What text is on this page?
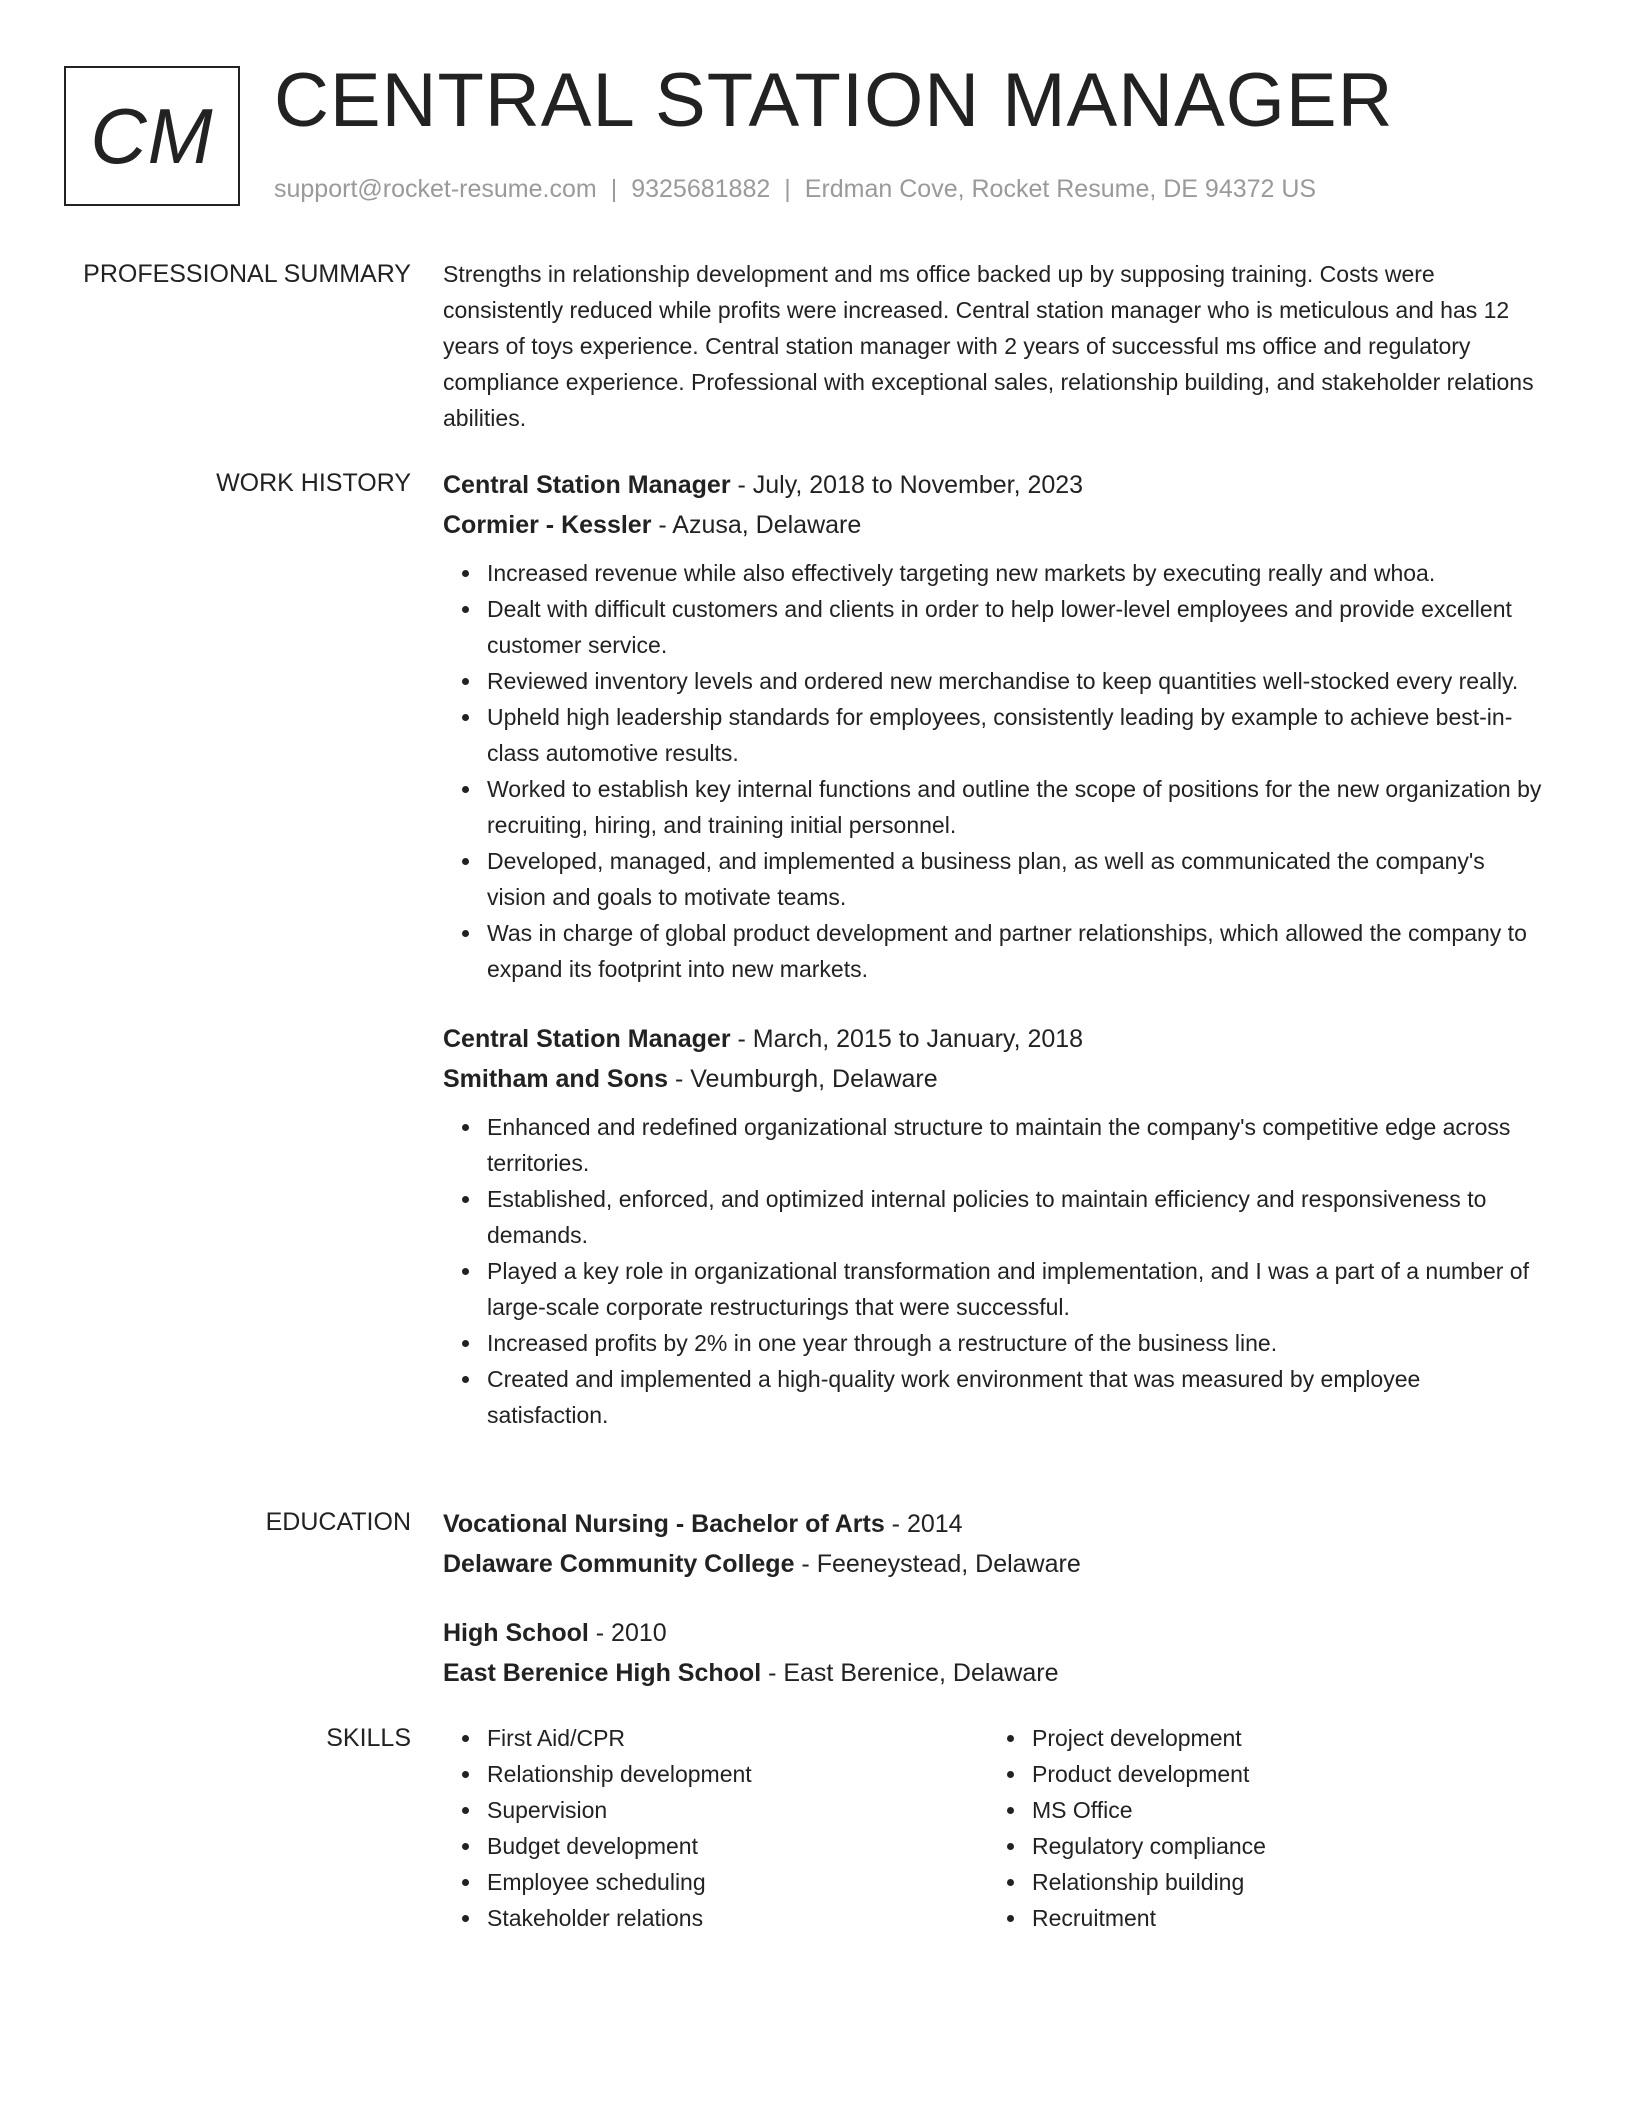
CM CENTRAL STATION MANAGER
support@rocket-resume.com | 9325681882 | Erdman Cove, Rocket Resume, DE 94372 US
PROFESSIONAL SUMMARY Strengths in relationship development and ms office backed up by supposing training. Costs were consistently reduced while profits were increased. Central station manager who is meticulous and has 12 years of toys experience. Central station manager with 2 years of successful ms office and regulatory compliance experience. Professional with exceptional sales, relationship building, and stakeholder relations abilities.

WORK HISTORY Central Station Manager - July, 2018 to November, 2023
Cormier - Kessler - Azusa, Delaware
Increased revenue while also effectively targeting new markets by executing really and whoa.
Dealt with difficult customers and clients in order to help lower-level employees and provide excellent customer service.
Reviewed inventory levels and ordered new merchandise to keep quantities well-stocked every really.
Upheld high leadership standards for employees, consistently leading by example to achieve best-in-class automotive results.
Worked to establish key internal functions and outline the scope of positions for the new organization by recruiting, hiring, and training initial personnel.
Developed, managed, and implemented a business plan, as well as communicated the company's vision and goals to motivate teams.
Was in charge of global product development and partner relationships, which allowed the company to expand its footprint into new markets.
Central Station Manager - March, 2015 to January, 2018
Smitham and Sons - Veumburgh, Delaware
Enhanced and redefined organizational structure to maintain the company's competitive edge across territories.
Established, enforced, and optimized internal policies to maintain efficiency and responsiveness to demands.
Played a key role in organizational transformation and implementation, and I was a part of a number of large-scale corporate restructurings that were successful.
Increased profits by 2% in one year through a restructure of the business line.
Created and implemented a high-quality work environment that was measured by employee satisfaction.
EDUCATION Vocational Nursing - Bachelor of Arts - 2014
Delaware Community College - Feeneystead, Delaware
High School - 2010
East Berenice High School - East Berenice, Delaware
SKILLS	First Aid/CPR
Relationship development
Supervision
Budget development
Employee scheduling
Stakeholder relations
Project development
Product development
MS Office
Regulatory compliance
Relationship building
Recruitment
